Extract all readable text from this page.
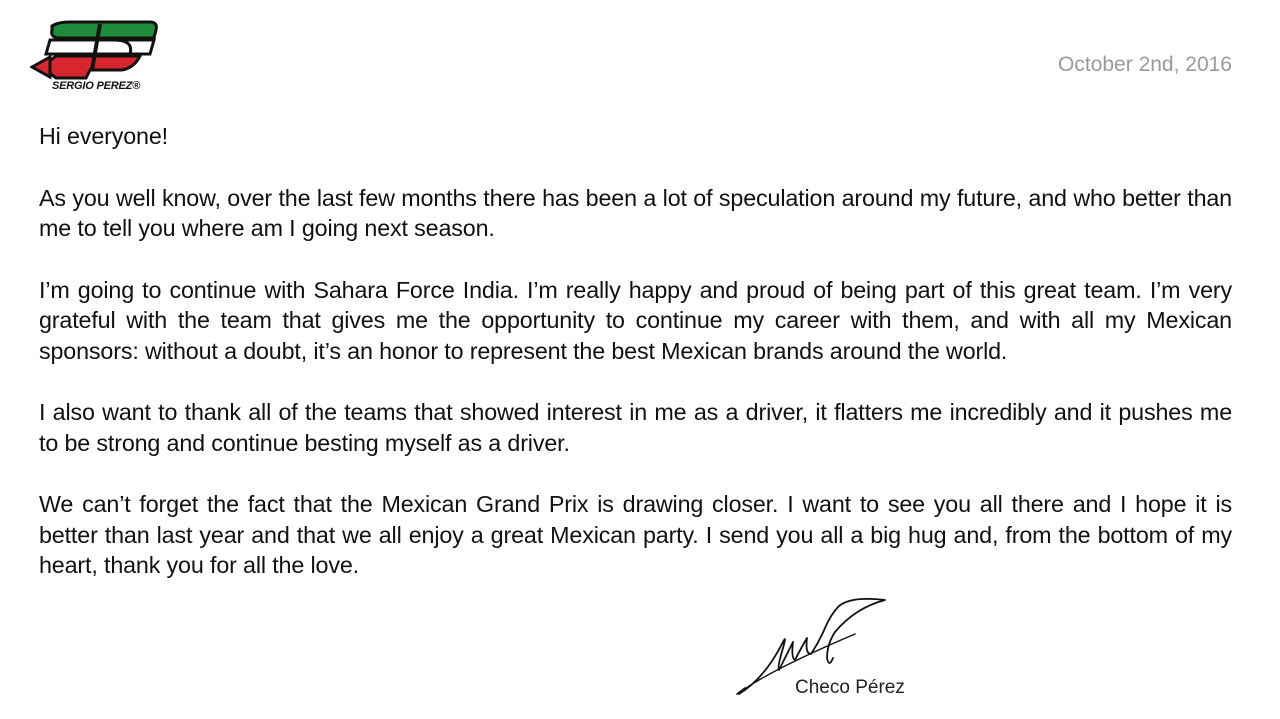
SERGIO PEREZ®
October 2nd, 2016

Hi everyone!

As you well know, over the last few months there has been a lot of speculation around my future, and who better than me to tell you where am I going next season.

I’m going to continue with Sahara Force India. I’m really happy and proud of being part of this great team. I’m very grateful with the team that gives me the opportunity to continue my career with them, and with all my Mexican sponsors: without a doubt, it’s an honor to represent the best Mexican brands around the world.

I also want to thank all of the teams that showed interest in me as a driver, it flatters me incredibly and it pushes me to be strong and continue besting myself as a driver.

We can’t forget the fact that the Mexican Grand Prix is drawing closer. I want to see you all there and I hope it is better than last year and that we all enjoy a great Mexican party. I send you all a big hug and, from the bottom of my heart, thank you for all the love.

Checo Pérez
